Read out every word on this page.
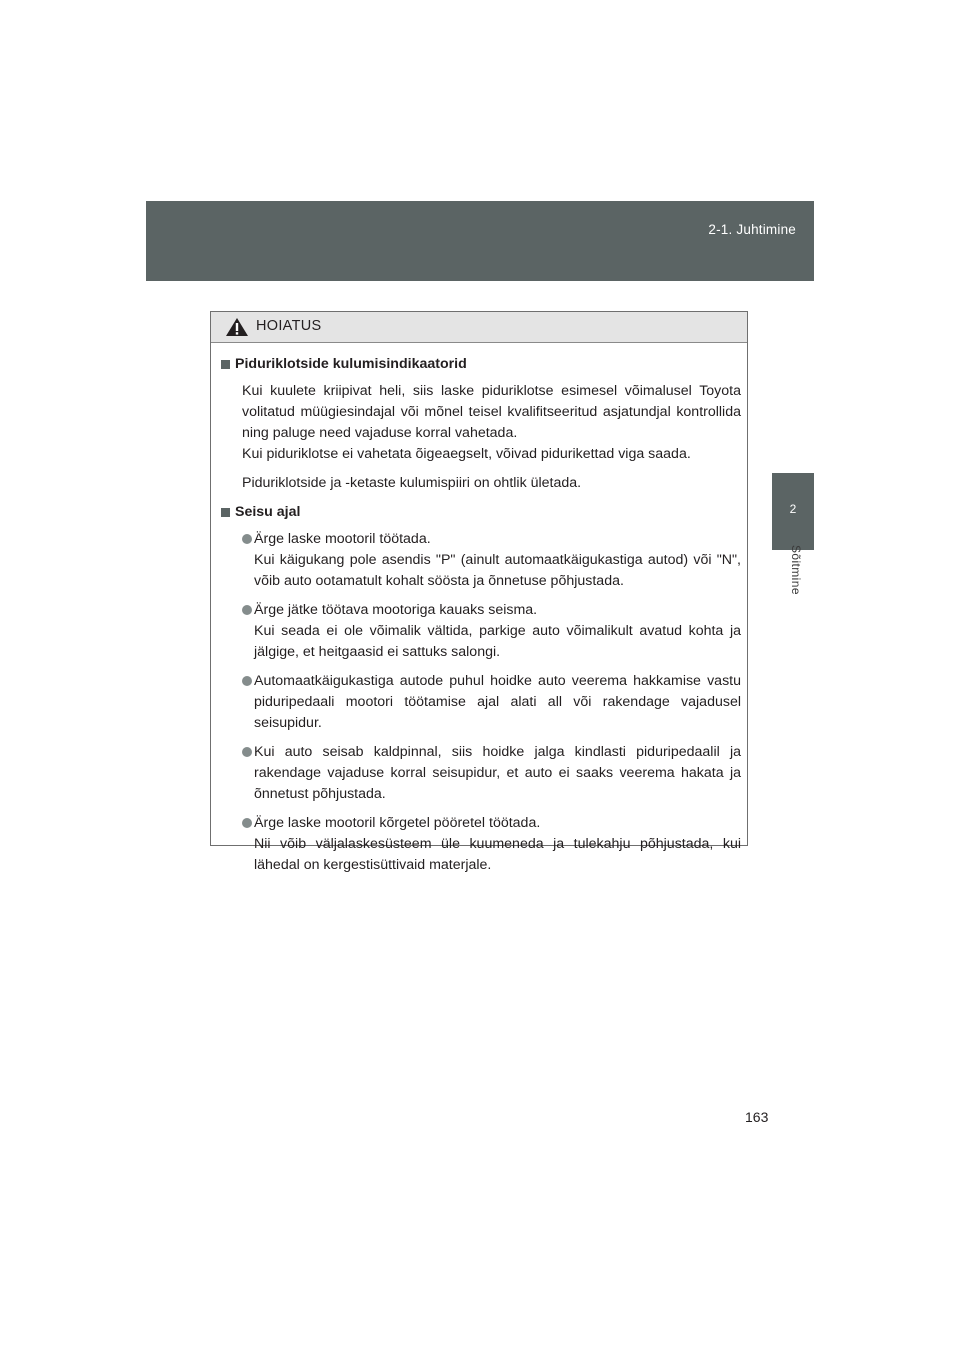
2-1. Juhtimine
2
Sõitmine
HOIATUS
Piduriklotside kulumisindikaatorid
Kui kuulete kriipivat heli, siis laske piduriklotse esimesel võimalusel Toyota volitatud müügiesindajal või mõnel teisel kvalifitseeritud asjatundjal kontrollida ning paluge need vajaduse korral vahetada.
Kui piduriklotse ei vahetata õigeaegselt, võivad pidurikettad viga saada.
Piduriklotside ja -ketaste kulumispiiri on ohtlik ületada.
Seisu ajal
Ärge laske mootoril töötada.
Kui käigukang pole asendis "P" (ainult automaatkäigukastiga autod) või "N", võib auto ootamatult kohalt söösta ja õnnetuse põhjustada.
Ärge jätke töötava mootoriga kauaks seisma.
Kui seada ei ole võimalik vältida, parkige auto võimalikult avatud kohta ja jälgige, et heitgaasid ei sattuks salongi.
Automaatkäigukastiga autode puhul hoidke auto veerema hakkamise vastu piduripedaali mootori töötamise ajal alati all või rakendage vajadusel seisupidur.
Kui auto seisab kaldpinnal, siis hoidke jalga kindlasti piduripedaalil ja rakendage vajaduse korral seisupidur, et auto ei saaks veerema hakata ja õnnetust põhjustada.
Ärge laske mootoril kõrgetel pööretel töötada.
Nii võib väljalaskesüsteem üle kuumeneda ja tulekahju põhjustada, kui lähedal on kergestisüttivaid materjale.
163
